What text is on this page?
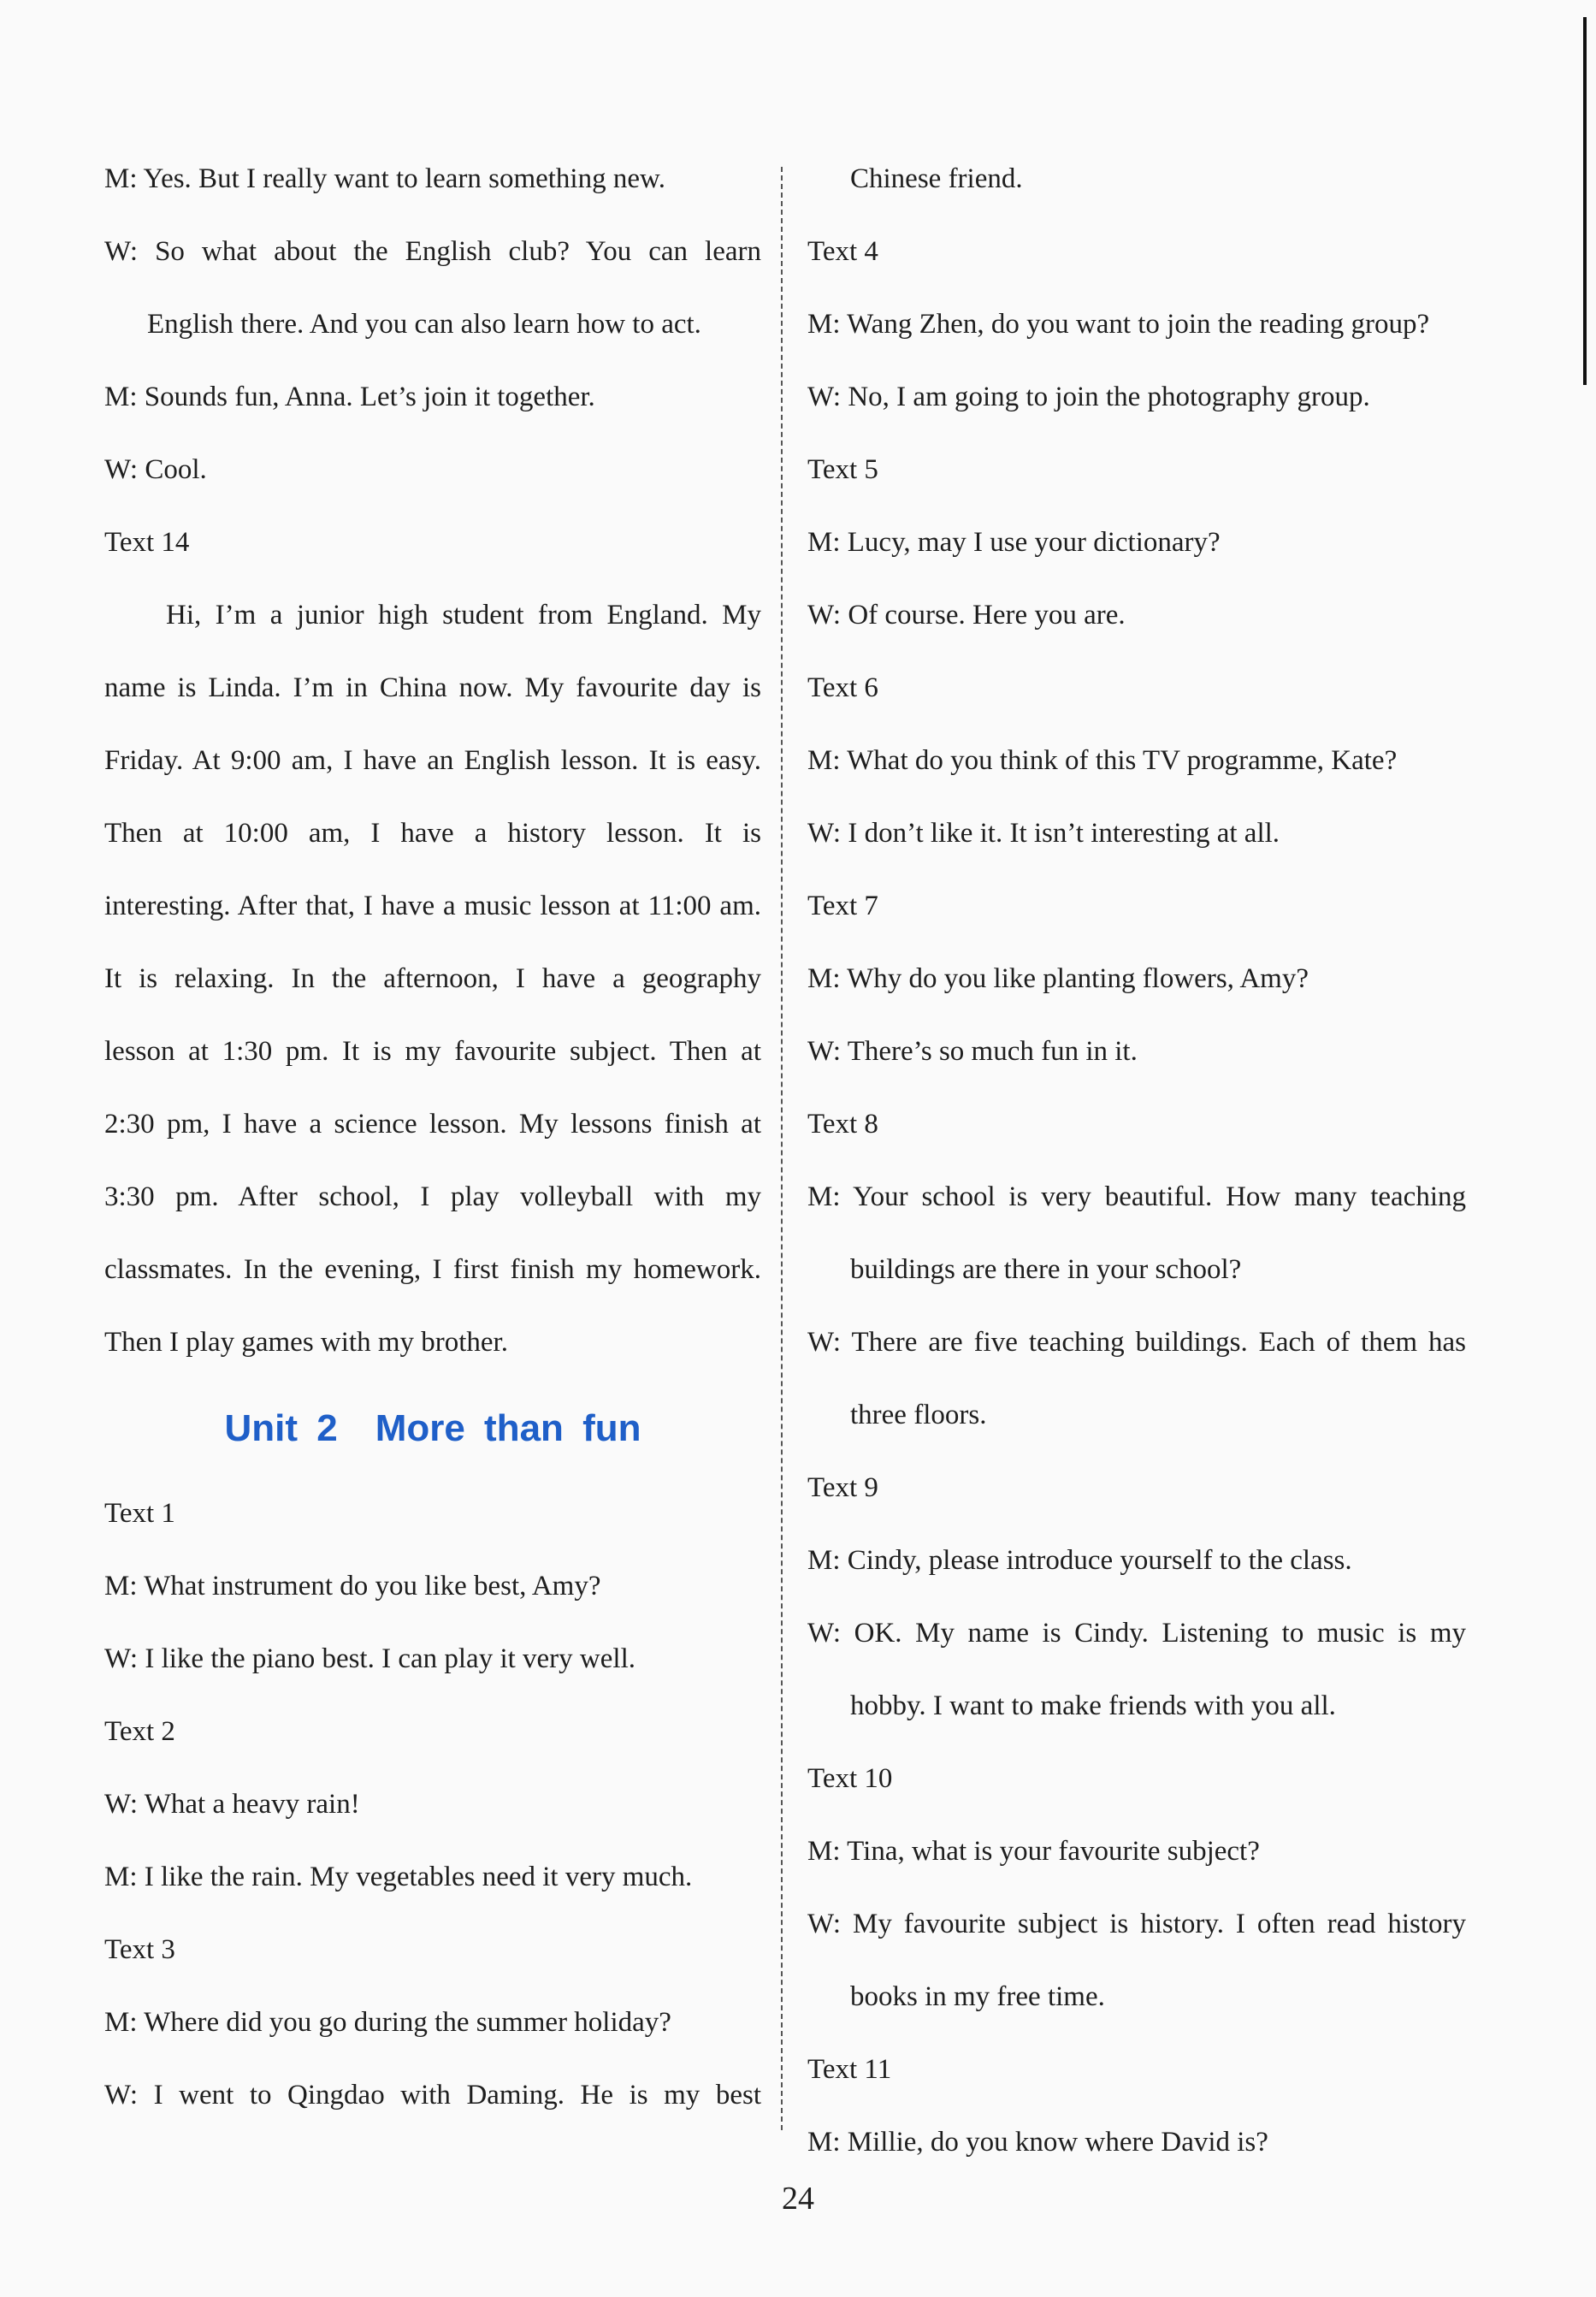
M: Yes. But I really want to learn something new.
W: So what about the English club? You can learn
English there. And you can also learn how to act.
M: Sounds fun, Anna. Let’s join it together.
W: Cool.
Text 14
Hi, I’m a junior high student from England. My
name is Linda. I’m in China now. My favourite day is
Friday. At 9:00 am, I have an English lesson. It is easy.
Then at 10:00 am, I have a history lesson. It is
interesting. After that, I have a music lesson at 11:00 am.
It is relaxing. In the afternoon, I have a geography
lesson at 1:30 pm. It is my favourite subject. Then at
2:30 pm, I have a science lesson. My lessons finish at
3:30 pm. After school, I play volleyball with my
classmates. In the evening, I first finish my homework.
Then I play games with my brother.
Unit 2 More than fun
Text 1
M: What instrument do you like best, Amy?
W: I like the piano best. I can play it very well.
Text 2
W: What a heavy rain!
M: I like the rain. My vegetables need it very much.
Text 3
M: Where did you go during the summer holiday?
W: I went to Qingdao with Daming. He is my best
Chinese friend.
Text 4
M: Wang Zhen, do you want to join the reading group?
W: No, I am going to join the photography group.
Text 5
M: Lucy, may I use your dictionary?
W: Of course. Here you are.
Text 6
M: What do you think of this TV programme, Kate?
W: I don’t like it. It isn’t interesting at all.
Text 7
M: Why do you like planting flowers, Amy?
W: There’s so much fun in it.
Text 8
M: Your school is very beautiful. How many teaching
buildings are there in your school?
W: There are five teaching buildings. Each of them has
three floors.
Text 9
M: Cindy, please introduce yourself to the class.
W: OK. My name is Cindy. Listening to music is my
hobby. I want to make friends with you all.
Text 10
M: Tina, what is your favourite subject?
W: My favourite subject is history. I often read history
books in my free time.
Text 11
M: Millie, do you know where David is?
24
